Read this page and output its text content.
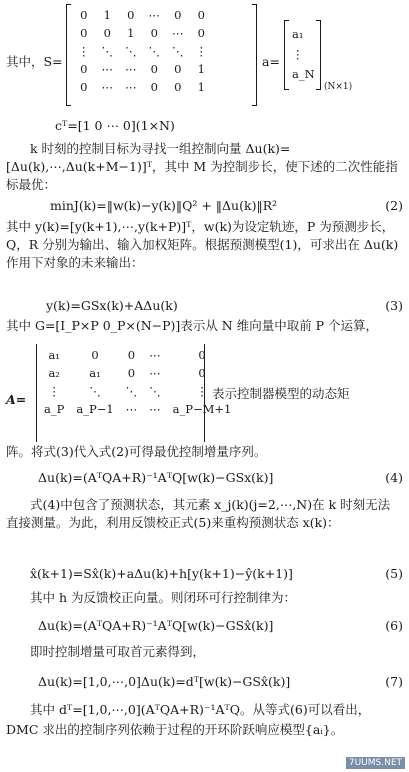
其中，S=
0	1	0	⋯	0	0
0	0	1	0	⋯	0
⋮	⋱	⋱	⋱	⋱	⋮
0	⋯	⋯	0	0	1
0	⋯	⋯	0	0	1
a=
a₁
⋮
a_N
(N×1)
cᵀ=[1 0 ⋯ 0](1×N)
k 时刻的控制目标为寻找一组控制向量 Δu(k)=[Δu(k),⋯,Δu(k+M−1)]ᵀ，其中 M 为控制步长，使下述的二次性能指标最优：
minJ(k)=‖w(k)−y(k)‖Q² + ‖Δu(k)‖R²	(2)
其中 y(k)=[y(k+1),⋯,y(k+P)]ᵀ，w(k)为设定轨迹，P 为预测步长，Q，R 分别为输出、输入加权矩阵。根据预测模型(1)，可求出在 Δu(k)作用下对象的未来输出：
y(k)=GSx(k)+AΔu(k)	(3)
其中 G=[I_P×P 0_P×(N−P)]表示从 N 维向量中取前 P 个运算，
A=
a₁	0	0	⋯	0
a₂	a₁	0	⋯	0
⋮	⋱	⋱	⋱	⋮
a_P	a_P−1	⋯	⋯	a_P−M+1
表示控制器模型的动态矩
阵。将式(3)代入式(2)可得最优控制增量序列。
Δu(k)=(AᵀQA+R)⁻¹AᵀQ[w(k)−GSx(k)]	(4)
式(4)中包含了预测状态，其元素 x_j(k)(j=2,⋯,N)在 k 时刻无法直接测量。为此，利用反馈校正式(5)来重构预测状态 x(k)：
x̂(k+1)=Sx̂(k)+aΔu(k)+h[y(k+1)−ŷ(k+1)]	(5)
其中 h 为反馈校正向量。则闭环可行控制律为：
Δu(k)=(AᵀQA+R)⁻¹AᵀQ[w(k)−GSx̂(k)]	(6)
即时控制增量可取首元素得到，
Δu(k)=[1,0,⋯,0]Δu(k)=dᵀ[w(k)−GSx̂(k)]	(7)
其中 dᵀ=[1,0,⋯,0](AᵀQA+R)⁻¹AᵀQ。从等式(6)可以看出，DMC 求出的控制序列依赖于过程的开环阶跃响应模型{aᵢ}。
7UUMS.NET
